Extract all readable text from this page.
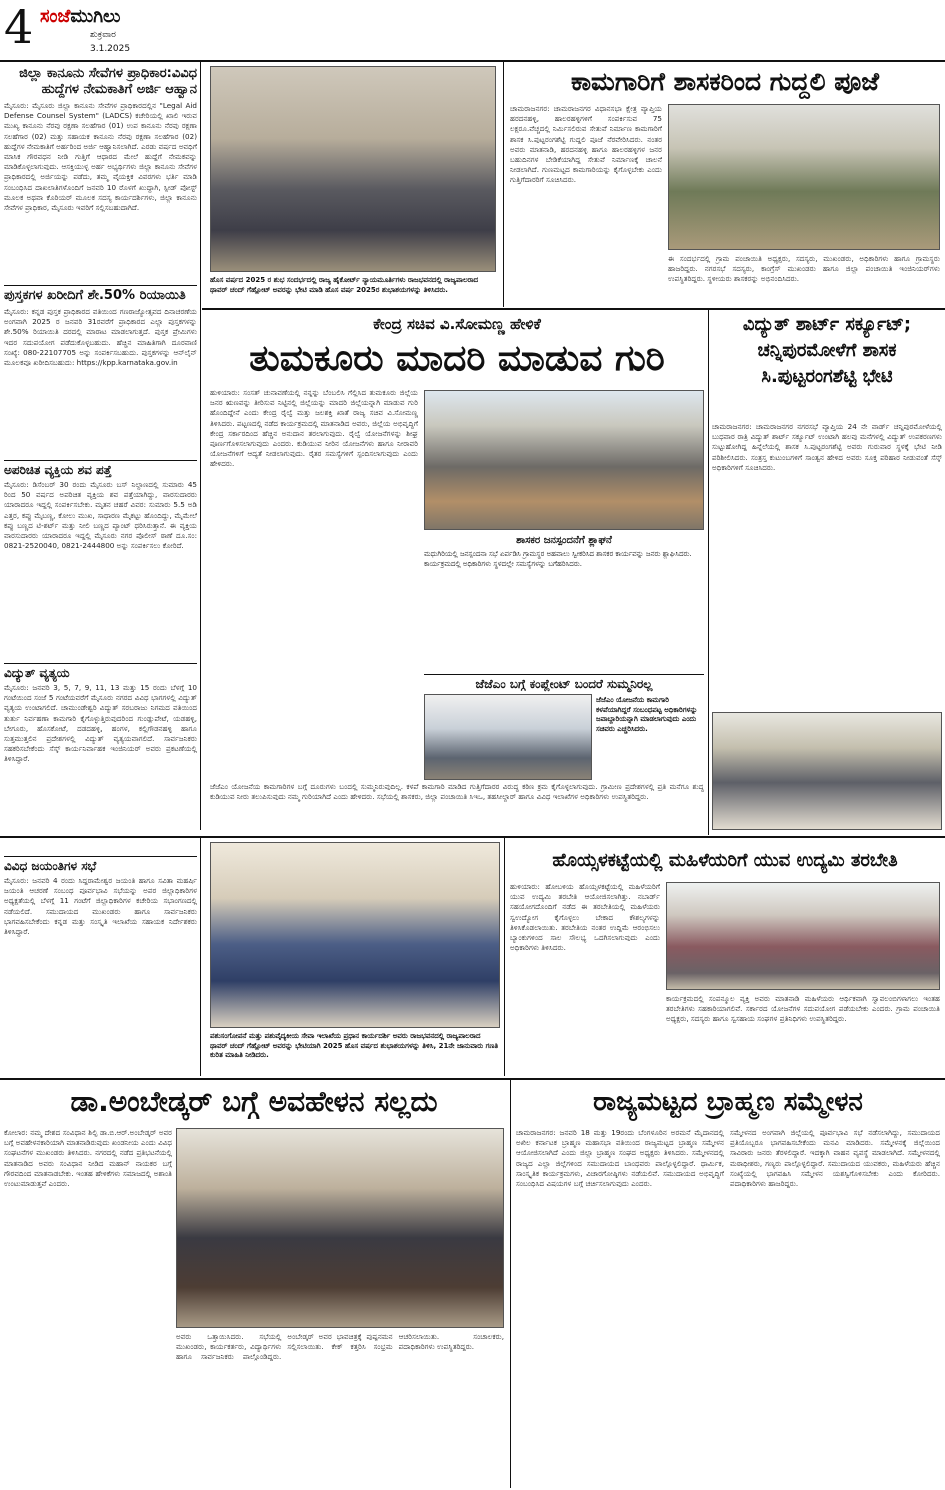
4 ಸಂಜೆಮುಗಿಲು
ಶುಕ್ರವಾರ
3.1.2025
ಜಿಲ್ಲಾ ಕಾನೂನು ಸೇವೆಗಳ ಪ್ರಾಧಿಕಾರ:ವಿವಿಧ ಹುದ್ದೆಗಳ ನೇಮಕಾತಿಗೆ ಅರ್ಜಿ ಆಹ್ವಾನ
ಮೈಸೂರು: ಮೈಸೂರು ಜಿಲ್ಲಾ ಕಾನೂನು ಸೇವೆಗಳ ಪ್ರಾಧಿಕಾರದಲ್ಲಿನ "Legal Aid Defense Counsel System" (LADCS) ಕಚೇರಿಯಲ್ಲಿ ಖಾಲಿ ಇರುವ ಮುಖ್ಯ ಕಾನೂನು ನೆರವು ರಕ್ಷಣಾ ಸಲಹೆಗಾರ (01) ಉಪ ಕಾನೂನು ನೆರವು ರಕ್ಷಣಾ ಸಲಹೆಗಾರ (02) ಮತ್ತು ಸಹಾಯಕ ಕಾನೂನು ನೆರವು ರಕ್ಷಣಾ ಸಲಹೆಗಾರ (02) ಹುದ್ದೆಗಳ ನೇಮಕಾತಿಗೆ ಅರ್ಹರಿಂದ ಅರ್ಜಿ ಆಹ್ವಾನಿಸಲಾಗಿದೆ. ಎರಡು ವರ್ಷದ ಅವಧಿಗೆ ಮಾಸಿಕ ಗೌರವಧನ ನೀಡಿ ಗುತ್ತಿಗೆ ಆಧಾರದ ಮೇಲೆ ಹುದ್ದೆಗೆ ನೇಮಕವನ್ನು ಮಾಡಿಕೊಳ್ಳಲಾಗುವುದು. ಆಸಕ್ತಿಯುಳ್ಳ ಅರ್ಹ ಅಭ್ಯರ್ಥಿಗಳು ಜಿಲ್ಲಾ ಕಾನೂನು ಸೇವೆಗಳ ಪ್ರಾಧಿಕಾರದಲ್ಲಿ ಅರ್ಜಿಯನ್ನು ಪಡೆದು, ತಮ್ಮ ವೈಯಕ್ತಿಕ ವಿವರಗಳು ಭರ್ತಿ ಮಾಡಿ ಸಂಬಂಧಿಸಿದ ದಾಖಲಾತಿಗಳೊಂದಿಗೆ ಜನವರಿ 10 ರೊಳಗೆ ಖುದ್ದಾಗಿ, ಸ್ಪೀಡ್ ಪೋಸ್ಟ್ ಮೂಲಕ ಅಥವಾ ಕೊರಿಯರ್ ಮೂಲಕ ಸದಸ್ಯ ಕಾರ್ಯದರ್ಶಿಗಳು, ಜಿಲ್ಲಾ ಕಾನೂನು ಸೇವೆಗಳ ಪ್ರಾಧಿಕಾರ, ಮೈಸೂರು ಇವರಿಗೆ ಸಲ್ಲಿಸಬಹುದಾಗಿದೆ.
ಪುಸ್ತಕಗಳ ಖರೀದಿಗೆ ಶೇ.50% ರಿಯಾಯಿತಿ
ಮೈಸೂರು: ಕನ್ನಡ ಪುಸ್ತಕ ಪ್ರಾಧಿಕಾರದ ವತಿಯಿಂದ ಗಣರಾಜ್ಯೋತ್ಸವದ ದಿನಾಚರಣೆಯ ಅಂಗವಾಗಿ 2025 ರ ಜನವರಿ 31ರವರೆಗೆ ಪ್ರಾಧಿಕಾರದ ಎಲ್ಲಾ ಪುಸ್ತಕಗಳನ್ನು ಶೇ.50% ರಿಯಾಯಿತಿ ದರದಲ್ಲಿ ಮಾರಾಟ ಮಾಡಲಾಗುತ್ತದೆ. ಪುಸ್ತಕ ಪ್ರೇಮಿಗಳು ಇದರ ಸದುಪಯೋಗ ಪಡೆದುಕೊಳ್ಳಬಹುದು. ಹೆಚ್ಚಿನ ಮಾಹಿತಿಗಾಗಿ ದೂರವಾಣಿ ಸಂಖ್ಯೆ: 080-22107705 ಅನ್ನು ಸಂಪರ್ಕಿಸಬಹುದು. ಪುಸ್ತಕಗಳನ್ನು ಆನ್‌ಲೈನ್ ಮೂಲಕವೂ ಖರೀದಿಸಬಹುದು: https://kpp.karnataka.gov.in
ಅಪರಿಚಿತ ವ್ಯಕ್ತಿಯ ಶವ ಪತ್ತೆ
ಮೈಸೂರು: ಡಿಸೆಂಬರ್ 30 ರಂದು ಮೈಸೂರು ಬಸ್ ನಿಲ್ದಾಣದಲ್ಲಿ ಸುಮಾರು 45 ರಿಂದ 50 ವರ್ಷದ ಅಪರಿಚಿತ ವ್ಯಕ್ತಿಯ ಶವ ಪತ್ತೆಯಾಗಿದ್ದು, ವಾರಸುದಾರರು ಯಾರಾದರೂ ಇದ್ದಲ್ಲಿ ಸಂಪರ್ಕಿಸಬೇಕು. ಮೃತನ ಚಹರೆ ವಿವರ: ಸುಮಾರು 5.5 ಅಡಿ ಎತ್ತರ, ಕಪ್ಪು ಮೈಬಣ್ಣ, ಕೋಲು ಮುಖ, ಸಾಧಾರಣ ಮೈಕಟ್ಟು ಹೊಂದಿದ್ದು, ಮೈಮೇಲೆ ಕಪ್ಪು ಬಣ್ಣದ ಟಿ-ಶರ್ಟ್ ಮತ್ತು ನೀಲಿ ಬಣ್ಣದ ಪ್ಯಾಂಟ್ ಧರಿಸಿರುತ್ತಾನೆ. ಈ ವ್ಯಕ್ತಿಯ ವಾರಸುದಾರರು ಯಾರಾದರೂ ಇದ್ದಲ್ಲಿ ಮೈಸೂರು ನಗರ ಪೊಲೀಸ್ ಠಾಣೆ ದೂ.ಸಂ: 0821-2520040, 0821-2444800 ಅನ್ನು ಸಂಪರ್ಕಿಸಲು ಕೋರಿದೆ.
ವಿದ್ಯುತ್ ವ್ಯತ್ಯಯ
ಮೈಸೂರು: ಜನವರಿ 3, 5, 7, 9, 11, 13 ಮತ್ತು 15 ರಂದು ಬೆಳಗ್ಗೆ 10 ಗಂಟೆಯಿಂದ ಸಂಜೆ 5 ಗಂಟೆಯವರೆಗೆ ಮೈಸೂರು ನಗರದ ವಿವಿಧ ಭಾಗಗಳಲ್ಲಿ ವಿದ್ಯುತ್ ವ್ಯತ್ಯಯ ಉಂಟಾಗಲಿದೆ. ಚಾಮುಂಡೇಶ್ವರಿ ವಿದ್ಯುತ್ ಸರಬರಾಜು ನಿಗಮದ ವತಿಯಿಂದ ತುರ್ತು ನಿರ್ವಹಣಾ ಕಾಮಗಾರಿ ಕೈಗೊಳ್ಳುತ್ತಿರುವುದರಿಂದ ಗುಂಡ್ಲುಪೇಟೆ, ಯಡಹಳ್ಳಿ, ಬೇಗೂರು, ಹೊಸಕೋಟೆ, ದಡದಹಳ್ಳಿ, ಹಂಗಳ, ಕಲ್ಲಿಗೌಡನಹಳ್ಳಿ ಹಾಗೂ ಸುತ್ತಮುತ್ತಲಿನ ಪ್ರದೇಶಗಳಲ್ಲಿ ವಿದ್ಯುತ್ ವ್ಯತ್ಯಯವಾಗಲಿದೆ. ಸಾರ್ವಜನಿಕರು ಸಹಕರಿಸಬೇಕೆಂದು ಸೆಸ್ಕ್ ಕಾರ್ಯನಿರ್ವಾಹಕ ಇಂಜಿನಿಯರ್ ಅವರು ಪ್ರಕಟಣೆಯಲ್ಲಿ ತಿಳಿಸಿದ್ದಾರೆ.
ವಿವಿಧ ಜಯಂತಿಗಳ ಸಭೆ
ಮೈಸೂರು: ಜನವರಿ 4 ರಂದು ಸಿದ್ದರಾಮೇಶ್ವರ ಜಯಂತಿ ಹಾಗೂ ಸವಿತಾ ಮಹರ್ಷಿ ಜಯಂತಿ ಆಚರಣೆ ಸಂಬಂಧ ಪೂರ್ವಭಾವಿ ಸಭೆಯನ್ನು ಅಪರ ಜಿಲ್ಲಾಧಿಕಾರಿಗಳ ಅಧ್ಯಕ್ಷತೆಯಲ್ಲಿ ಬೆಳಗ್ಗೆ 11 ಗಂಟೆಗೆ ಜಿಲ್ಲಾಧಿಕಾರಿಗಳ ಕಚೇರಿಯ ಸಭಾಂಗಣದಲ್ಲಿ ನಡೆಯಲಿದೆ. ಸಮುದಾಯದ ಮುಖಂಡರು ಹಾಗೂ ಸಾರ್ವಜನಿಕರು ಭಾಗವಹಿಸಬೇಕೆಂದು ಕನ್ನಡ ಮತ್ತು ಸಂಸ್ಕೃತಿ ಇಲಾಖೆಯ ಸಹಾಯಕ ನಿರ್ದೇಶಕರು ತಿಳಿಸಿದ್ದಾರೆ.
ಹೊಸ ವರ್ಷದ 2025 ರ ಶುಭ ಸಂದರ್ಭದಲ್ಲಿ ರಾಜ್ಯ ಹೈಕೋರ್ಟ್ ನ್ಯಾಯಮೂರ್ತಿಗಳು ರಾಜಭವನದಲ್ಲಿ ರಾಜ್ಯಪಾಲರಾದ ಥಾವರ್ ಚಂದ್ ಗೆಹ್ಲೋಟ್ ಅವರನ್ನು ಭೇಟಿ ಮಾಡಿ ಹೊಸ ವರ್ಷ 2025ರ ಶುಭಾಶಯಗಳನ್ನು ತಿಳಿಸಿದರು.
ಕಾಮಗಾರಿಗೆ ಶಾಸಕರಿಂದ ಗುದ್ದಲಿ ಪೂಜೆ
ಚಾಮರಾಜನಗರ: ಚಾಮರಾಜನಗರ ವಿಧಾನಸಭಾ ಕ್ಷೇತ್ರ ವ್ಯಾಪ್ತಿಯ ಹರದನಹಳ್ಳಿ, ಹಾಲರಹಳ್ಳಿಗಳಿಗೆ ಸಂಪರ್ಕಿಸುವ 75 ಲಕ್ಷರೂ.ವೆಚ್ಚದಲ್ಲಿ ನಿರ್ಮಿಸಲಿರುವ ಸೇತುವೆ ನಿರ್ಮಾಣ ಕಾಮಗಾರಿಗೆ ಶಾಸಕ ಸಿ.ಪುಟ್ಟರಂಗಶೆಟ್ಟಿ ಗುದ್ದಲಿ ಪೂಜೆ ನೆರವೇರಿಸಿದರು. ನಂತರ ಅವರು ಮಾತನಾಡಿ, ಹರದನಹಳ್ಳಿ ಹಾಗೂ ಹಾಲರಹಳ್ಳಿಗಳ ಜನರ ಬಹುದಿನಗಳ ಬೇಡಿಕೆಯಾಗಿದ್ದ ಸೇತುವೆ ನಿರ್ಮಾಣಕ್ಕೆ ಚಾಲನೆ ನೀಡಲಾಗಿದೆ. ಗುಣಮಟ್ಟದ ಕಾಮಗಾರಿಯನ್ನು ಕೈಗೊಳ್ಳಬೇಕು ಎಂದು ಗುತ್ತಿಗೆದಾರರಿಗೆ ಸೂಚಿಸಿದರು.
ಈ ಸಂದರ್ಭದಲ್ಲಿ ಗ್ರಾಮ ಪಂಚಾಯಿತಿ ಅಧ್ಯಕ್ಷರು, ಸದಸ್ಯರು, ಮುಖಂಡರು, ಅಧಿಕಾರಿಗಳು ಹಾಗೂ ಗ್ರಾಮಸ್ಥರು ಹಾಜರಿದ್ದರು. ನಗರಸಭೆ ಸದಸ್ಯರು, ಕಾಂಗ್ರೆಸ್ ಮುಖಂಡರು ಹಾಗೂ ಜಿಲ್ಲಾ ಪಂಚಾಯಿತಿ ಇಂಜಿನಿಯರ್‌ಗಳು ಉಪಸ್ಥಿತರಿದ್ದರು. ಸ್ಥಳೀಯರು ಶಾಸಕರನ್ನು ಅಭಿನಂದಿಸಿದರು.
ಕೇಂದ್ರ ಸಚಿವ ವಿ.ಸೋಮಣ್ಣ ಹೇಳಿಕೆ
ತುಮಕೂರು ಮಾದರಿ ಮಾಡುವ ಗುರಿ
ಹುಳಿಯಾರು: ಸಂಸತ್ ಚುನಾವಣೆಯಲ್ಲಿ ನನ್ನನ್ನು ಬೆಂಬಲಿಸಿ ಗೆಲ್ಲಿಸಿದ ತುಮಕೂರು ಜಿಲ್ಲೆಯ ಜನರ ಋಣವನ್ನು ತೀರಿಸುವ ನಿಟ್ಟಿನಲ್ಲಿ ಜಿಲ್ಲೆಯನ್ನು ಮಾದರಿ ಜಿಲ್ಲೆಯನ್ನಾಗಿ ಮಾಡುವ ಗುರಿ ಹೊಂದಿದ್ದೇನೆ ಎಂದು ಕೇಂದ್ರ ರೈಲ್ವೆ ಮತ್ತು ಜಲಶಕ್ತಿ ಖಾತೆ ರಾಜ್ಯ ಸಚಿವ ವಿ.ಸೋಮಣ್ಣ ತಿಳಿಸಿದರು. ಪಟ್ಟಣದಲ್ಲಿ ನಡೆದ ಕಾರ್ಯಕ್ರಮದಲ್ಲಿ ಮಾತನಾಡಿದ ಅವರು, ಜಿಲ್ಲೆಯ ಅಭಿವೃದ್ಧಿಗೆ ಕೇಂದ್ರ ಸರ್ಕಾರದಿಂದ ಹೆಚ್ಚಿನ ಅನುದಾನ ತರಲಾಗುವುದು. ರೈಲ್ವೆ ಯೋಜನೆಗಳನ್ನು ಶೀಘ್ರ ಪೂರ್ಣಗೊಳಿಸಲಾಗುವುದು ಎಂದರು. ಕುಡಿಯುವ ನೀರಿನ ಯೋಜನೆಗಳು ಹಾಗೂ ನೀರಾವರಿ ಯೋಜನೆಗಳಿಗೆ ಆದ್ಯತೆ ನೀಡಲಾಗುವುದು. ರೈತರ ಸಮಸ್ಯೆಗಳಿಗೆ ಸ್ಪಂದಿಸಲಾಗುವುದು ಎಂದು ಹೇಳಿದರು.
ಶಾಸಕರ ಜನಸ್ಪಂದನೆಗೆ ಶ್ಲಾಘನೆ
ಮಧುಗಿರಿಯಲ್ಲಿ ಜನಸ್ಪಂದನಾ ಸಭೆ ಏರ್ಪಡಿಸಿ ಗ್ರಾಮಸ್ಥರ ಅಹವಾಲು ಸ್ವೀಕರಿಸಿದ ಶಾಸಕರ ಕಾರ್ಯವನ್ನು ಜನರು ಶ್ಲಾಘಿಸಿದರು. ಕಾರ್ಯಕ್ರಮದಲ್ಲಿ ಅಧಿಕಾರಿಗಳು ಸ್ಥಳದಲ್ಲೇ ಸಮಸ್ಯೆಗಳನ್ನು ಬಗೆಹರಿಸಿದರು.
ಜೆಜೆಎಂ ಬಗ್ಗೆ ಕಂಪ್ಲೇಂಟ್ ಬಂದರೆ ಸುಮ್ಮನಿರಲ್ಲ
ಜೆಜೆಎಂ ಯೋಜನೆಯ ಕಾಮಗಾರಿ ಕಳಪೆಯಾಗಿದ್ದರೆ ಸಂಬಂಧಪಟ್ಟ ಅಧಿಕಾರಿಗಳನ್ನು ಜವಾಬ್ದಾರಿಯನ್ನಾಗಿ ಮಾಡಲಾಗುವುದು ಎಂದು ಸಚಿವರು ಎಚ್ಚರಿಸಿದರು.
ಜೆಜೆಎಂ ಯೋಜನೆಯ ಕಾಮಗಾರಿಗಳ ಬಗ್ಗೆ ದೂರುಗಳು ಬಂದಲ್ಲಿ ಸುಮ್ಮನಿರುವುದಿಲ್ಲ. ಕಳಪೆ ಕಾಮಗಾರಿ ಮಾಡಿದ ಗುತ್ತಿಗೆದಾರರ ವಿರುದ್ಧ ಕಠಿಣ ಕ್ರಮ ಕೈಗೊಳ್ಳಲಾಗುವುದು. ಗ್ರಾಮೀಣ ಪ್ರದೇಶಗಳಲ್ಲಿ ಪ್ರತಿ ಮನೆಗೂ ಶುದ್ಧ ಕುಡಿಯುವ ನೀರು ತಲುಪಿಸುವುದು ನಮ್ಮ ಗುರಿಯಾಗಿದೆ ಎಂದು ಹೇಳಿದರು. ಸಭೆಯಲ್ಲಿ ಶಾಸಕರು, ಜಿಲ್ಲಾ ಪಂಚಾಯಿತಿ ಸಿಇಒ, ತಹಸೀಲ್ದಾರ್ ಹಾಗೂ ವಿವಿಧ ಇಲಾಖೆಗಳ ಅಧಿಕಾರಿಗಳು ಉಪಸ್ಥಿತರಿದ್ದರು.
ವಿದ್ಯುತ್ ಶಾರ್ಟ್ ಸರ್ಕ್ಯೂಟ್; ಚನ್ನಿಪುರಮೋಳೆಗೆ ಶಾಸಕ ಸಿ.ಪುಟ್ಟರಂಗಶೆಟ್ಟಿ ಭೇಟಿ
ಚಾಮರಾಜನಗರ: ಚಾಮರಾಜನಗರ ನಗರಸಭೆ ವ್ಯಾಪ್ತಿಯ 24 ನೇ ವಾರ್ಡ್ ಚನ್ನಿಪುರಮೋಳೆಯಲ್ಲಿ ಬುಧವಾರ ರಾತ್ರಿ ವಿದ್ಯುತ್ ಶಾರ್ಟ್ ಸರ್ಕ್ಯೂಟ್ ಉಂಟಾಗಿ ಹಲವು ಮನೆಗಳಲ್ಲಿ ವಿದ್ಯುತ್ ಉಪಕರಣಗಳು ಸುಟ್ಟುಹೋಗಿದ್ದ ಹಿನ್ನೆಲೆಯಲ್ಲಿ ಶಾಸಕ ಸಿ.ಪುಟ್ಟರಂಗಶೆಟ್ಟಿ ಅವರು ಗುರುವಾರ ಸ್ಥಳಕ್ಕೆ ಭೇಟಿ ನೀಡಿ ಪರಿಶೀಲಿಸಿದರು. ಸಂತ್ರಸ್ತ ಕುಟುಂಬಗಳಿಗೆ ಸಾಂತ್ವನ ಹೇಳಿದ ಅವರು ಸೂಕ್ತ ಪರಿಹಾರ ನೀಡುವಂತೆ ಸೆಸ್ಕ್ ಅಧಿಕಾರಿಗಳಿಗೆ ಸೂಚಿಸಿದರು.
ಪಶುಸಂಗೋಪನೆ ಮತ್ತು ಪಶುವೈದ್ಯಕೀಯ ಸೇವಾ ಇಲಾಖೆಯ ಪ್ರಧಾನ ಕಾರ್ಯದರ್ಶಿ ಅವರು ರಾಜಭವನದಲ್ಲಿ ರಾಜ್ಯಪಾಲರಾದ ಥಾವರ್ ಚಂದ್ ಗೆಹ್ಲೋಟ್ ಅವರನ್ನು ಭೇಟಿಯಾಗಿ 2025 ಹೊಸ ವರ್ಷದ ಶುಭಾಶಯಗಳನ್ನು ತಿಳಿಸಿ, 21ನೇ ಜಾನುವಾರು ಗಣತಿ ಕುರಿತ ಮಾಹಿತಿ ನೀಡಿದರು.
ಹೊಯ್ಸಳಕಟ್ಟೆಯಲ್ಲಿ ಮಹಿಳೆಯರಿಗೆ ಯುವ ಉದ್ಯಮಿ ತರಬೇತಿ
ಹುಳಿಯಾರು: ಹೋಬಳಿಯ ಹೊಯ್ಸಳಕಟ್ಟೆಯಲ್ಲಿ ಮಹಿಳೆಯರಿಗೆ ಯುವ ಉದ್ಯಮಿ ತರಬೇತಿ ಆಯೋಜಿಸಲಾಗಿತ್ತು. ನಬಾರ್ಡ್ ಸಹಯೋಗದೊಂದಿಗೆ ನಡೆದ ಈ ತರಬೇತಿಯಲ್ಲಿ ಮಹಿಳೆಯರು ಸ್ವಉದ್ಯೋಗ ಕೈಗೊಳ್ಳಲು ಬೇಕಾದ ಕೌಶಲ್ಯಗಳನ್ನು ತಿಳಿಸಿಕೊಡಲಾಯಿತು. ತರಬೇತಿಯ ನಂತರ ಉದ್ದಿಮೆ ಆರಂಭಿಸಲು ಬ್ಯಾಂಕುಗಳಿಂದ ಸಾಲ ಸೌಲಭ್ಯ ಒದಗಿಸಲಾಗುವುದು ಎಂದು ಅಧಿಕಾರಿಗಳು ತಿಳಿಸಿದರು.
ಕಾರ್ಯಕ್ರಮದಲ್ಲಿ ಸಂಪನ್ಮೂಲ ವ್ಯಕ್ತಿ ಅವರು ಮಾತನಾಡಿ ಮಹಿಳೆಯರು ಆರ್ಥಿಕವಾಗಿ ಸ್ವಾವಲಂಬಿಗಳಾಗಲು ಇಂತಹ ತರಬೇತಿಗಳು ಸಹಕಾರಿಯಾಗಲಿವೆ. ಸರ್ಕಾರದ ಯೋಜನೆಗಳ ಸದುಪಯೋಗ ಪಡೆಯಬೇಕು ಎಂದರು. ಗ್ರಾಮ ಪಂಚಾಯಿತಿ ಅಧ್ಯಕ್ಷರು, ಸದಸ್ಯರು ಹಾಗೂ ಸ್ವಸಹಾಯ ಸಂಘಗಳ ಪ್ರತಿನಿಧಿಗಳು ಉಪಸ್ಥಿತರಿದ್ದರು.
ಡಾ.ಅಂಬೇಡ್ಕರ್ ಬಗ್ಗೆ ಅವಹೇಳನ ಸಲ್ಲದು
ಕೋಲಾರ: ನಮ್ಮ ದೇಶದ ಸಂವಿಧಾನ ಶಿಲ್ಪಿ ಡಾ.ಬಿ.ಆರ್.ಅಂಬೇಡ್ಕರ್ ಅವರ ಬಗ್ಗೆ ಅವಹೇಳನಕಾರಿಯಾಗಿ ಮಾತನಾಡಿರುವುದು ಖಂಡನೀಯ ಎಂದು ವಿವಿಧ ಸಂಘಟನೆಗಳ ಮುಖಂಡರು ತಿಳಿಸಿದರು. ನಗರದಲ್ಲಿ ನಡೆದ ಪ್ರತಿಭಟನೆಯಲ್ಲಿ ಮಾತನಾಡಿದ ಅವರು ಸಂವಿಧಾನ ನೀಡಿದ ಮಹಾನ್ ನಾಯಕರ ಬಗ್ಗೆ ಗೌರವದಿಂದ ಮಾತನಾಡಬೇಕು. ಇಂತಹ ಹೇಳಿಕೆಗಳು ಸಮಾಜದಲ್ಲಿ ಅಶಾಂತಿ ಉಂಟುಮಾಡುತ್ತವೆ ಎಂದರು.
ಅವರು ಒತ್ತಾಯಿಸಿದರು. ಸಭೆಯಲ್ಲಿ ಮುಖಂಡರು, ಕಾರ್ಯಕರ್ತರು, ವಿದ್ಯಾರ್ಥಿಗಳು ಹಾಗೂ ಸಾರ್ವಜನಿಕರು ಪಾಲ್ಗೊಂಡಿದ್ದರು. ಅಂಬೇಡ್ಕರ್ ಅವರ ಭಾವಚಿತ್ರಕ್ಕೆ ಪುಷ್ಪನಮನ ಸಲ್ಲಿಸಲಾಯಿತು. ಕೇಕ್ ಕತ್ತರಿಸಿ ಸಂಭ್ರಮ ಆಚರಿಸಲಾಯಿತು. ಸಂಚಾಲಕರು, ಪದಾಧಿಕಾರಿಗಳು ಉಪಸ್ಥಿತರಿದ್ದರು.
ರಾಜ್ಯಮಟ್ಟದ ಬ್ರಾಹ್ಮಣ ಸಮ್ಮೇಳನ
ಚಾಮರಾಜನಗರ: ಜನವರಿ 18 ಮತ್ತು 19ರಂದು ಬೆಂಗಳೂರಿನ ಅರಮನೆ ಮೈದಾನದಲ್ಲಿ ಅಖಿಲ ಕರ್ನಾಟಕ ಬ್ರಾಹ್ಮಣ ಮಹಾಸಭಾ ವತಿಯಿಂದ ರಾಜ್ಯಮಟ್ಟದ ಬ್ರಾಹ್ಮಣ ಸಮ್ಮೇಳನ ಆಯೋಜಿಸಲಾಗಿದೆ ಎಂದು ಜಿಲ್ಲಾ ಬ್ರಾಹ್ಮಣ ಸಂಘದ ಅಧ್ಯಕ್ಷರು ತಿಳಿಸಿದರು. ಸಮ್ಮೇಳನದಲ್ಲಿ ರಾಜ್ಯದ ಎಲ್ಲಾ ಜಿಲ್ಲೆಗಳಿಂದ ಸಮುದಾಯದ ಬಾಂಧವರು ಪಾಲ್ಗೊಳ್ಳಲಿದ್ದಾರೆ. ಧಾರ್ಮಿಕ, ಸಾಂಸ್ಕೃತಿಕ ಕಾರ್ಯಕ್ರಮಗಳು, ವಿಚಾರಗೋಷ್ಠಿಗಳು ನಡೆಯಲಿವೆ. ಸಮುದಾಯದ ಅಭಿವೃದ್ಧಿಗೆ ಸಂಬಂಧಿಸಿದ ವಿಷಯಗಳ ಬಗ್ಗೆ ಚರ್ಚಿಸಲಾಗುವುದು ಎಂದರು.
ಸಮ್ಮೇಳನದ ಅಂಗವಾಗಿ ಜಿಲ್ಲೆಯಲ್ಲಿ ಪೂರ್ವಭಾವಿ ಸಭೆ ನಡೆಸಲಾಗಿದ್ದು, ಸಮುದಾಯದ ಪ್ರತಿಯೊಬ್ಬರೂ ಭಾಗವಹಿಸಬೇಕೆಂದು ಮನವಿ ಮಾಡಿದರು. ಸಮ್ಮೇಳನಕ್ಕೆ ಜಿಲ್ಲೆಯಿಂದ ಸಾವಿರಾರು ಜನರು ತೆರಳಲಿದ್ದಾರೆ. ಇದಕ್ಕಾಗಿ ವಾಹನ ವ್ಯವಸ್ಥೆ ಮಾಡಲಾಗಿದೆ. ಸಮ್ಮೇಳನದಲ್ಲಿ ಮಠಾಧೀಶರು, ಗಣ್ಯರು ಪಾಲ್ಗೊಳ್ಳಲಿದ್ದಾರೆ. ಸಮುದಾಯದ ಯುವಕರು, ಮಹಿಳೆಯರು ಹೆಚ್ಚಿನ ಸಂಖ್ಯೆಯಲ್ಲಿ ಭಾಗವಹಿಸಿ ಸಮ್ಮೇಳನ ಯಶಸ್ವಿಗೊಳಿಸಬೇಕು ಎಂದು ಕೋರಿದರು. ಪದಾಧಿಕಾರಿಗಳು ಹಾಜರಿದ್ದರು.
